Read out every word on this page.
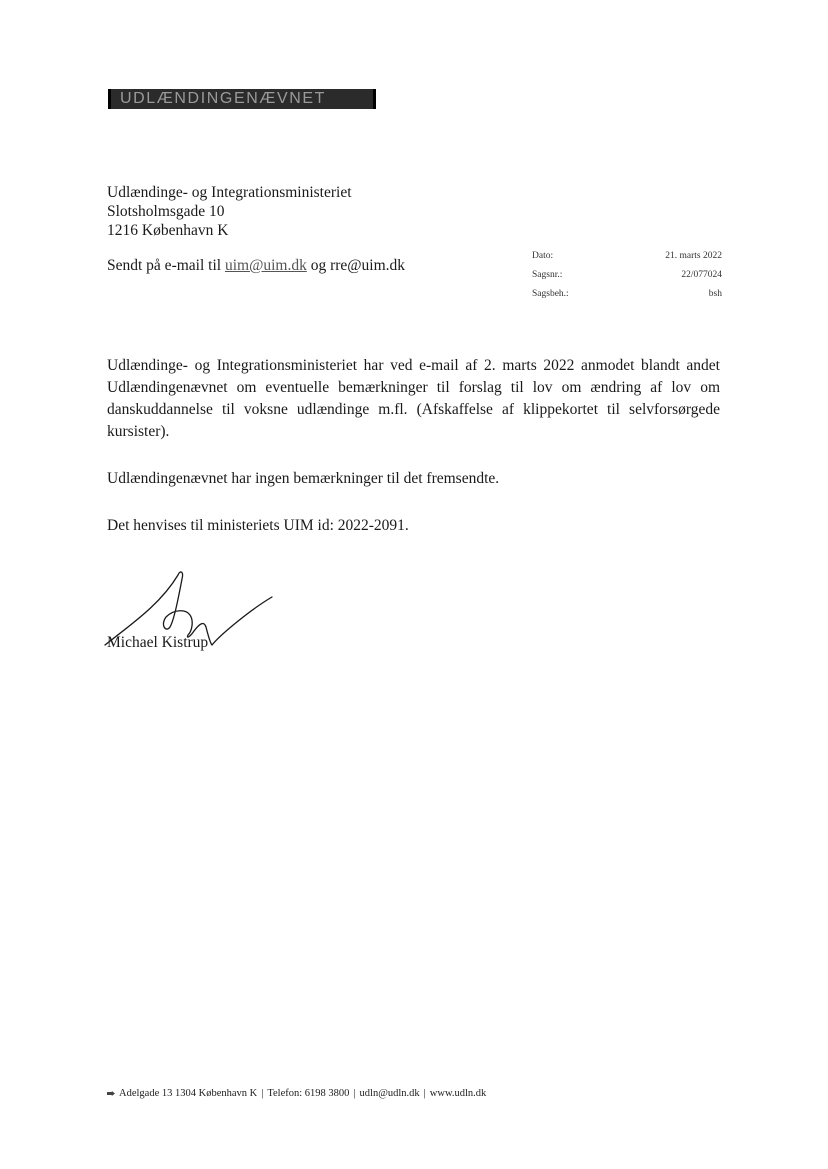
UDLÆNDINGENÆVNET
Udlændinge- og Integrationsministeriet
Slotsholmsgade 10
1216 København K
Sendt på e-mail til uim@uim.dk og rre@uim.dk
Dato:	21. marts 2022
Sagsnr.:	22/077024
Sagsbeh.:	bsh

Udlændinge- og Integrationsministeriet har ved e-mail af 2. marts 2022 anmodet blandt andet Udlændingenævnet om eventuelle bemærkninger til forslag til lov om ændring af lov om danskuddannelse til voksne udlændinge m.fl. (Afskaffelse af klippekortet til selvforsørgede kursister).

Udlændingenævnet har ingen bemærkninger til det fremsendte.

Det henvises til ministeriets UIM id: 2022-2091.

Michael Kistrup
Adelgade 13 1304 København K | Telefon: 6198 3800 | udln@udln.dk | www.udln.dk
